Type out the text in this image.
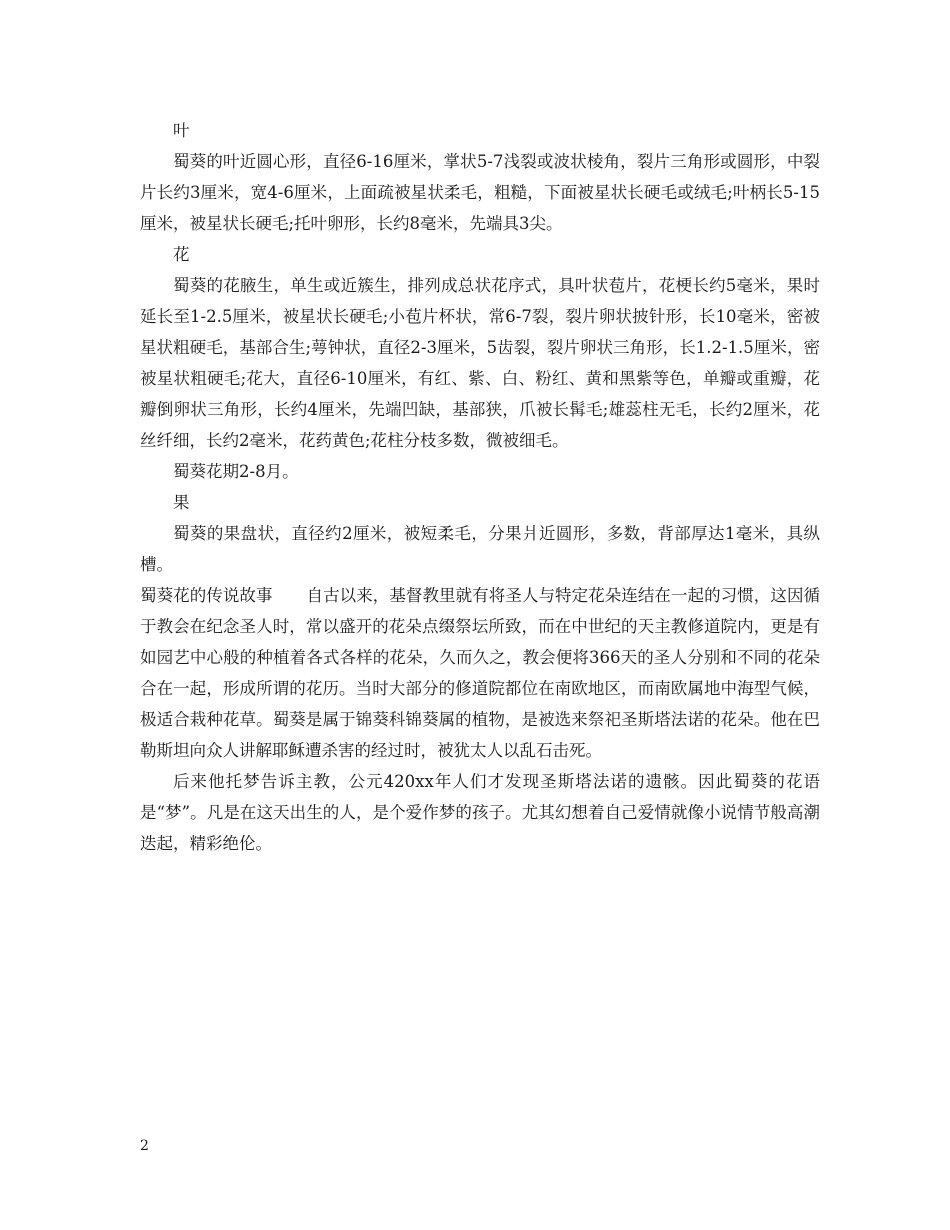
叶

蜀葵的叶近圆心形，直径6-16厘米，掌状5-7浅裂或波状棱角，裂片三角形或圆形，中裂片长约3厘米，宽4-6厘米，上面疏被星状柔毛，粗糙，下面被星状长硬毛或绒毛;叶柄长5-15厘米，被星状长硬毛;托叶卵形，长约8毫米，先端具3尖。

花

蜀葵的花腋生，单生或近簇生，排列成总状花序式，具叶状苞片，花梗长约5毫米，果时延长至1-2.5厘米，被星状长硬毛;小苞片杯状，常6-7裂，裂片卵状披针形，长10毫米，密被星状粗硬毛，基部合生;萼钟状，直径2-3厘米，5齿裂，裂片卵状三角形，长1.2-1.5厘米，密被星状粗硬毛;花大，直径6-10厘米，有红、紫、白、粉红、黄和黑紫等色，单瓣或重瓣，花瓣倒卵状三角形，长约4厘米，先端凹缺，基部狭，爪被长髯毛;雄蕊柱无毛，长约2厘米，花丝纤细，长约2毫米，花药黄色;花柱分枝多数，微被细毛。

蜀葵花期2-8月。

果

蜀葵的果盘状，直径约2厘米，被短柔毛，分果爿近圆形，多数，背部厚达1毫米，具纵槽。

蜀葵花的传说故事 自古以来，基督教里就有将圣人与特定花朵连结在一起的习惯，这因循于教会在纪念圣人时，常以盛开的花朵点缀祭坛所致，而在中世纪的天主教修道院内，更是有如园艺中心般的种植着各式各样的花朵，久而久之，教会便将366天的圣人分别和不同的花朵合在一起，形成所谓的花历。当时大部分的修道院都位在南欧地区，而南欧属地中海型气候，极适合栽种花草。蜀葵是属于锦葵科锦葵属的植物，是被选来祭祀圣斯塔法诺的花朵。他在巴勒斯坦向众人讲解耶稣遭杀害的经过时，被犹太人以乱石击死。

后来他托梦告诉主教，公元420xx年人们才发现圣斯塔法诺的遗骸。因此蜀葵的花语是“梦”。凡是在这天出生的人，是个爱作梦的孩子。尤其幻想着自己爱情就像小说情节般高潮迭起，精彩绝伦。

2
